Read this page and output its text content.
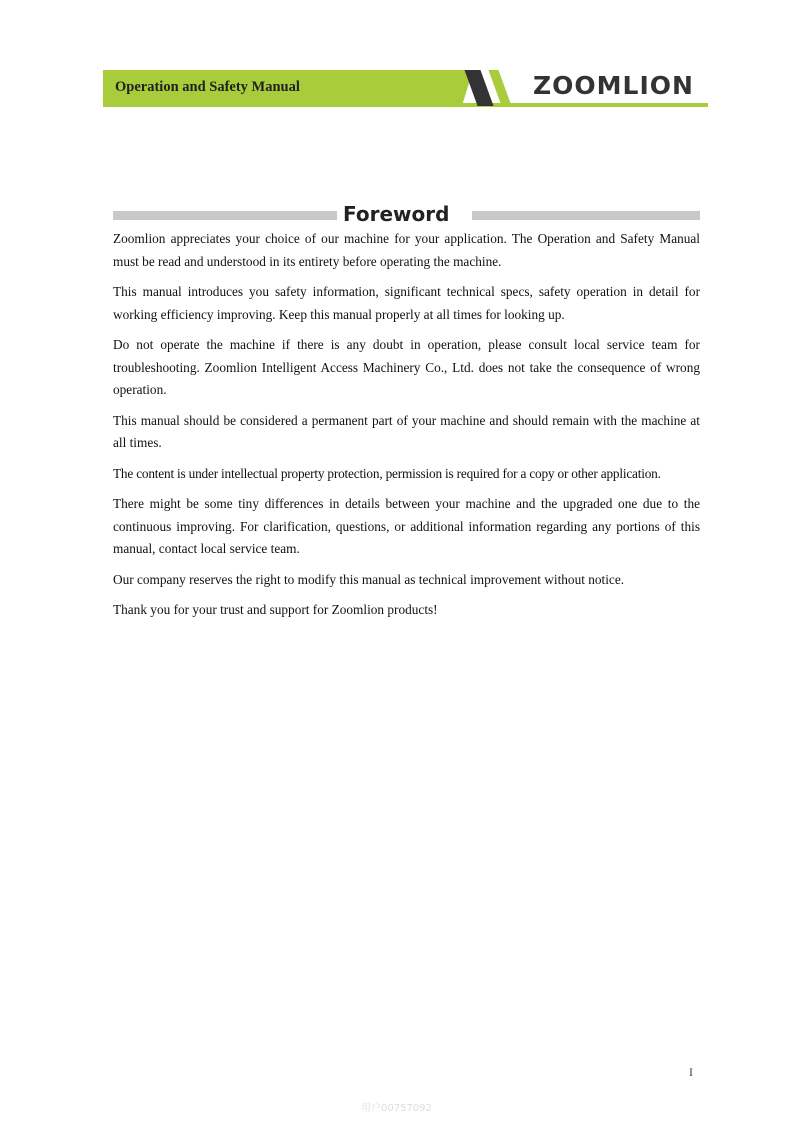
Operation and Safety Manual	ZOOMLION
Foreword

Zoomlion appreciates your choice of our machine for your application. The Operation and Safety Manual must be read and understood in its entirety before operating the machine.

This manual introduces you safety information, significant technical specs, safety operation in detail for working efficiency improving. Keep this manual properly at all times for looking up.

Do not operate the machine if there is any doubt in operation, please consult local service team for troubleshooting. Zoomlion Intelligent Access Machinery Co., Ltd. does not take the consequence of wrong operation.

This manual should be considered a permanent part of your machine and should remain with the machine at all times.

The content is under intellectual property protection, permission is required for a copy or other application.

There might be some tiny differences in details between your machine and the upgraded one due to the continuous improving. For clarification, questions, or additional information regarding any portions of this manual, contact local service team.

Our company reserves the right to modify this manual as technical improvement without notice.

Thank you for your trust and support for Zoomlion products!

I
用户00757092
